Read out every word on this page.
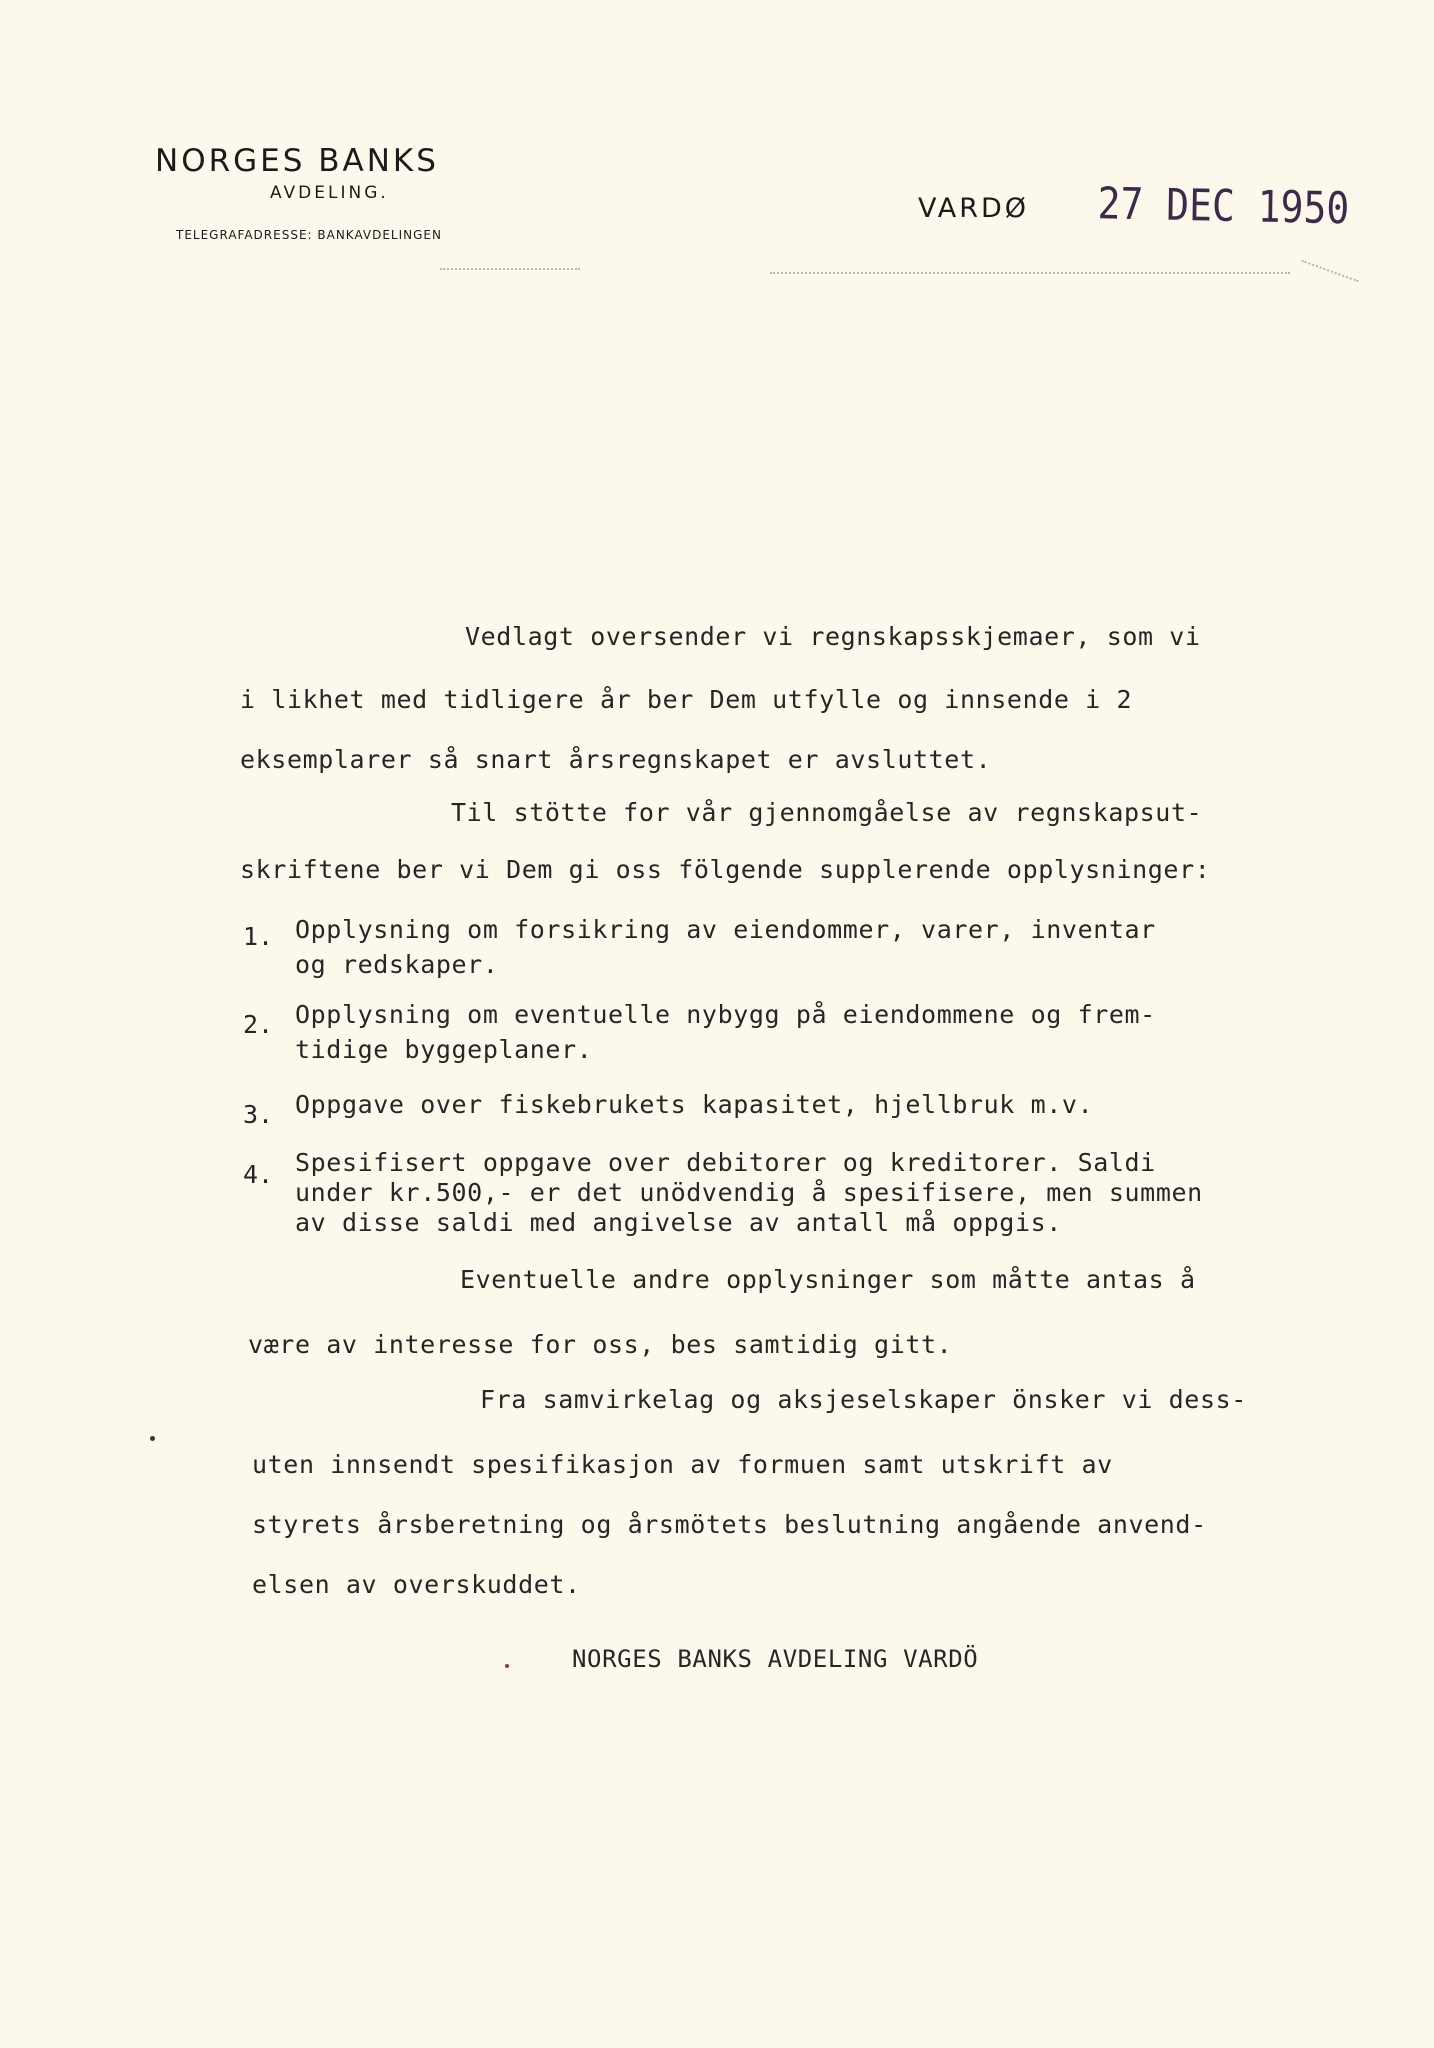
NORGES BANKS
AVDELING.
TELEGRAFADRESSE: BANKAVDELINGEN
VARDØ 27 DEC 1950
Vedlagt oversender vi regnskapsskjemaer, som vi
i likhet med tidligere år ber Dem utfylle og innsende i 2
eksemplarer så snart årsregnskapet er avsluttet.
Til stötte for vår gjennomgåelse av regnskapsut-
skriftene ber vi Dem gi oss fölgende supplerende opplysninger:
1. Opplysning om forsikring av eiendommer, varer, inventar
og redskaper.
2. Opplysning om eventuelle nybygg på eiendommene og frem-
tidige byggeplaner.
3. Oppgave over fiskebrukets kapasitet, hjellbruk m.v.
4. Spesifisert oppgave over debitorer og kreditorer. Saldi
under kr.500,- er det unödvendig å spesifisere, men summen
av disse saldi med angivelse av antall må oppgis.
Eventuelle andre opplysninger som måtte antas å
være av interesse for oss, bes samtidig gitt.
Fra samvirkelag og aksjeselskaper önsker vi dess-
uten innsendt spesifikasjon av formuen samt utskrift av
styrets årsberetning og årsmötets beslutning angående anvend-
elsen av overskuddet.
NORGES BANKS AVDELING VARDÖ
